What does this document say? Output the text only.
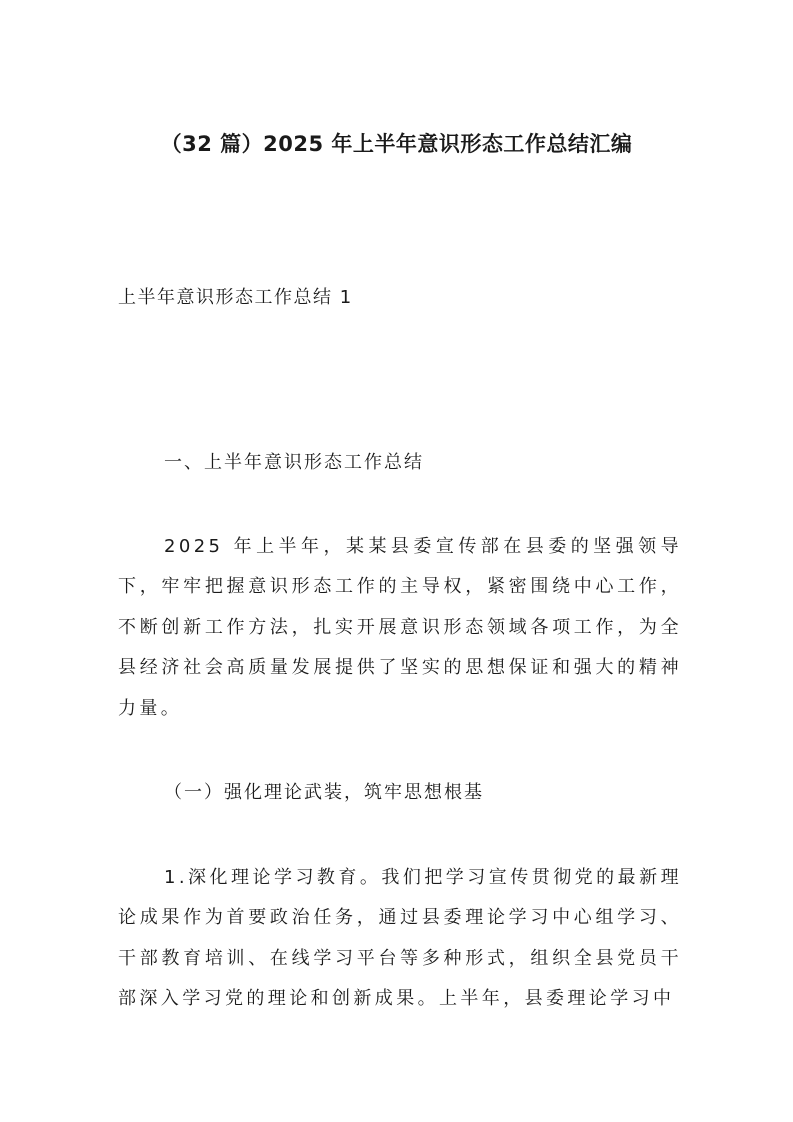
（32 篇）2025 年上半年意识形态工作总结汇编
上半年意识形态工作总结 1
一、上半年意识形态工作总结

2025 年上半年，某某县委宣传部在县委的坚强领导下，牢牢把握意识形态工作的主导权，紧密围绕中心工作，不断创新工作方法，扎实开展意识形态领域各项工作，为全县经济社会高质量发展提供了坚实的思想保证和强大的精神力量。

（一）强化理论武装，筑牢思想根基

1.深化理论学习教育。我们把学习宣传贯彻党的最新理论成果作为首要政治任务，通过县委理论学习中心组学习、干部教育培训、在线学习平台等多种形式，组织全县党员干部深入学习党的理论和创新成果。上半年，县委理论学习中
